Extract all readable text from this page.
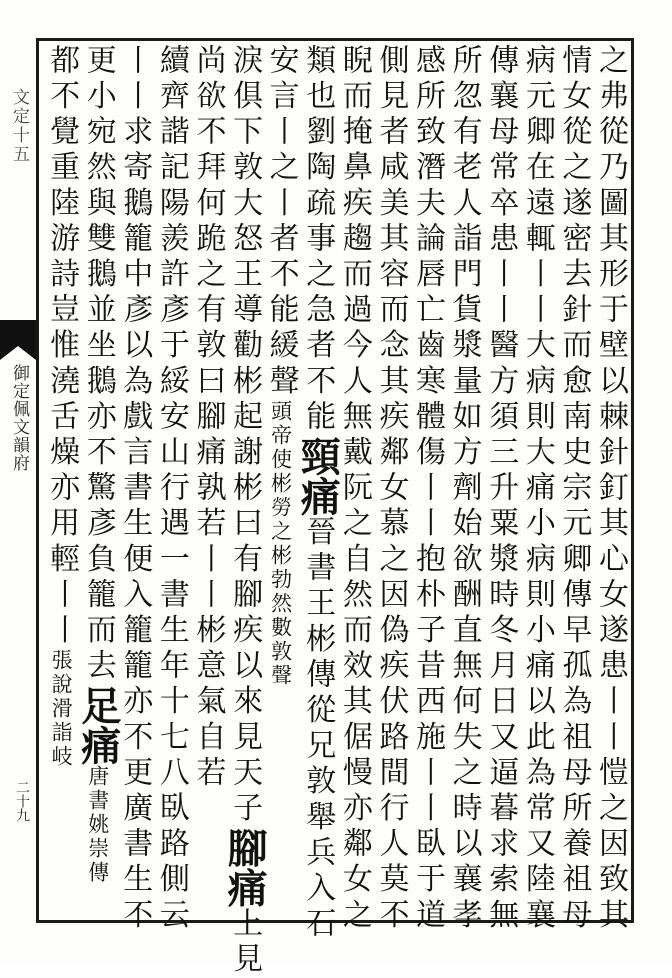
文定十五
御定佩文韻府
二十九	之弗從乃圖其形于壁以棘針釘其心女遂患丨丨愷之因致其
情女從之遂密去針而愈南史宗元卿傳早孤為祖母所養祖母
病元卿在遠輒丨丨大病則大痛小病則小痛以此為常又陸襄
傳襄母常卒患丨丨醫方須三升粟漿時冬月日又逼暮求索無
所忽有老人詣門貨漿量如方劑始欲酬直無何失之時以襄孝
感所致潛夫論唇亡齒寒體傷丨丨抱朴子昔西施丨丨臥于道
側見者咸美其容而念其疾鄰女慕之因偽疾伏路間行人莫不
睨而掩鼻疾趨而過今人無戴阮之自然而效其倨慢亦鄰女之
類也劉陶疏事之急者不能頸痛晉書王彬傳從兄敦舉兵入石
安言丨之丨者不能緩聲頭帝使彬勞之彬勃然數敦聲
淚俱下敦大怒王導勸彬起謝彬曰有腳疾以來見天子腳痛上見
尚欲不拜何跪之有敦曰腳痛孰若丨丨彬意氣自若
續齊諧記陽羨許彥于綏安山行遇一書生年十七八臥路側云
丨丨求寄鵝籠中彥以為戲言書生便入籠籠亦不更廣書生不
更小宛然與雙鵝並坐鵝亦不驚彥負籠而去足痛唐書姚崇傳
都不覺重陸游詩豈惟澆舌燥亦用輕丨丨張說滑詣岐
